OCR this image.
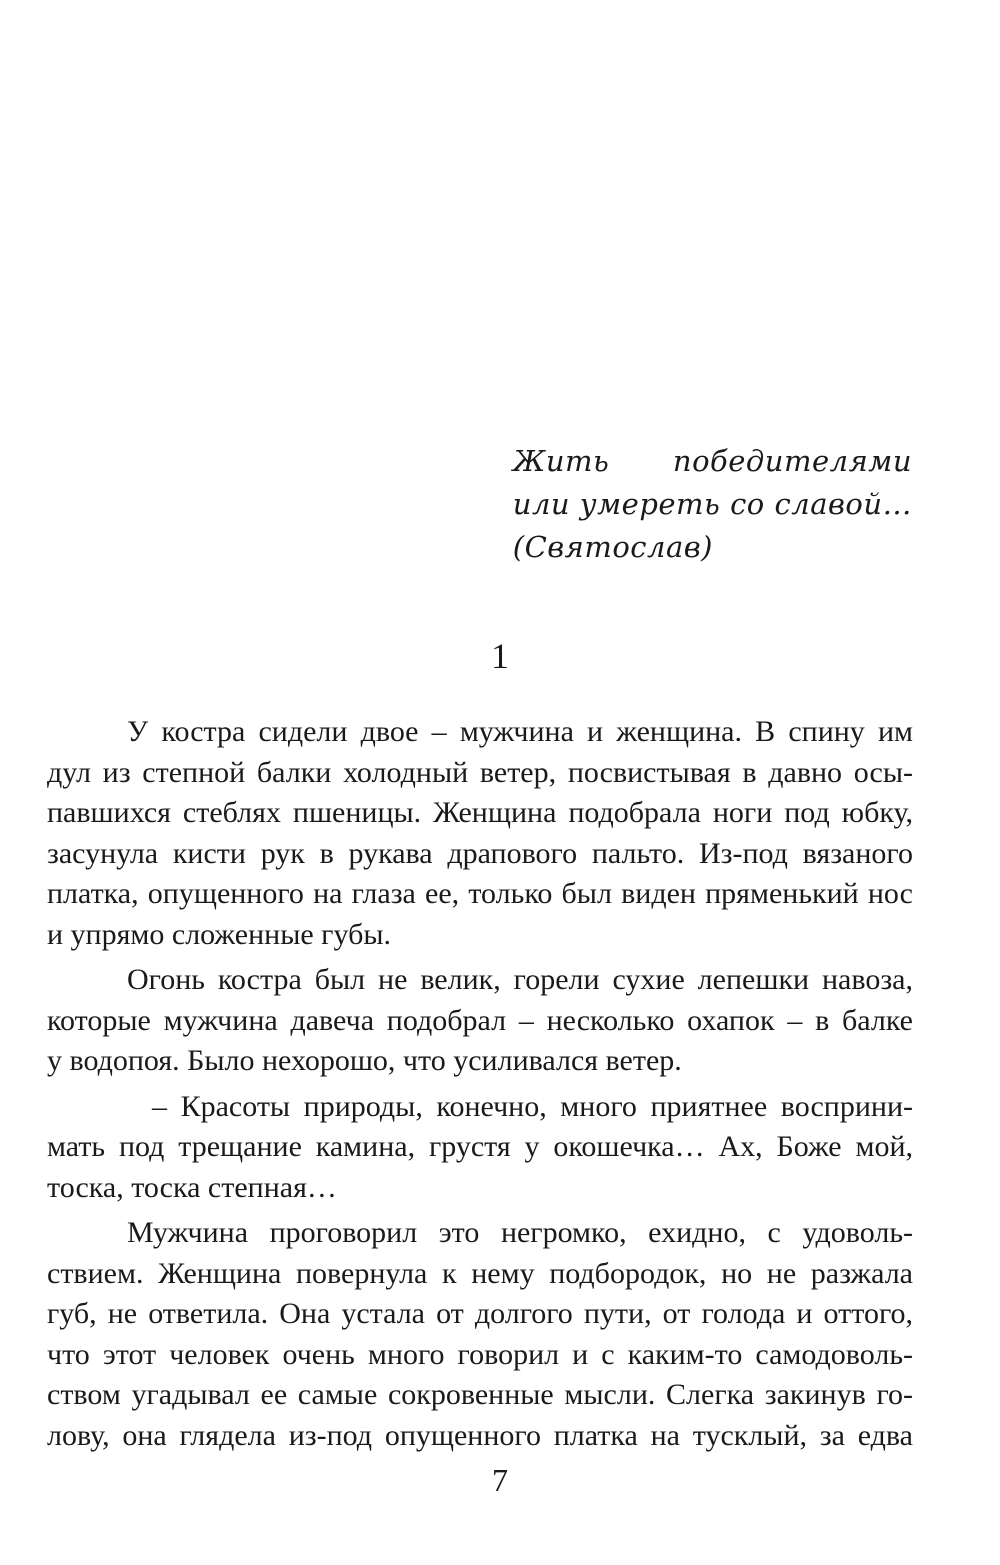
Жить победителями
или умереть со славой…
(Святослав)
1

У костра сидели двое – мужчина и женщина. В спину им
дул из степной балки холодный ветер, посвистывая в давно осы-
павшихся стеблях пшеницы. Женщина подобрала ноги под юбку,
засунула кисти рук в рукава драпового пальто. Из-под вязаного
платка, опущенного на глаза ее, только был виден пряменький нос
и упрямо сложенные губы.

Огонь костра был не велик, горели сухие лепешки навоза,
которые мужчина давеча подобрал – несколько охапок – в балке
у водопоя. Было нехорошо, что усиливался ветер.

– Красоты природы, конечно, много приятнее восприни-
мать под трещание камина, грустя у окошечка… Ах, Боже мой,
тоска, тоска степная…

Мужчина проговорил это негромко, ехидно, с удоволь-
ствием. Женщина повернула к нему подбородок, но не разжала
губ, не ответила. Она устала от долгого пути, от голода и оттого,
что этот человек очень много говорил и с каким-то самодоволь-
ством угадывал ее самые сокровенные мысли. Слегка закинув го-
лову, она глядела из-под опущенного платка на тусклый, за едва

7
